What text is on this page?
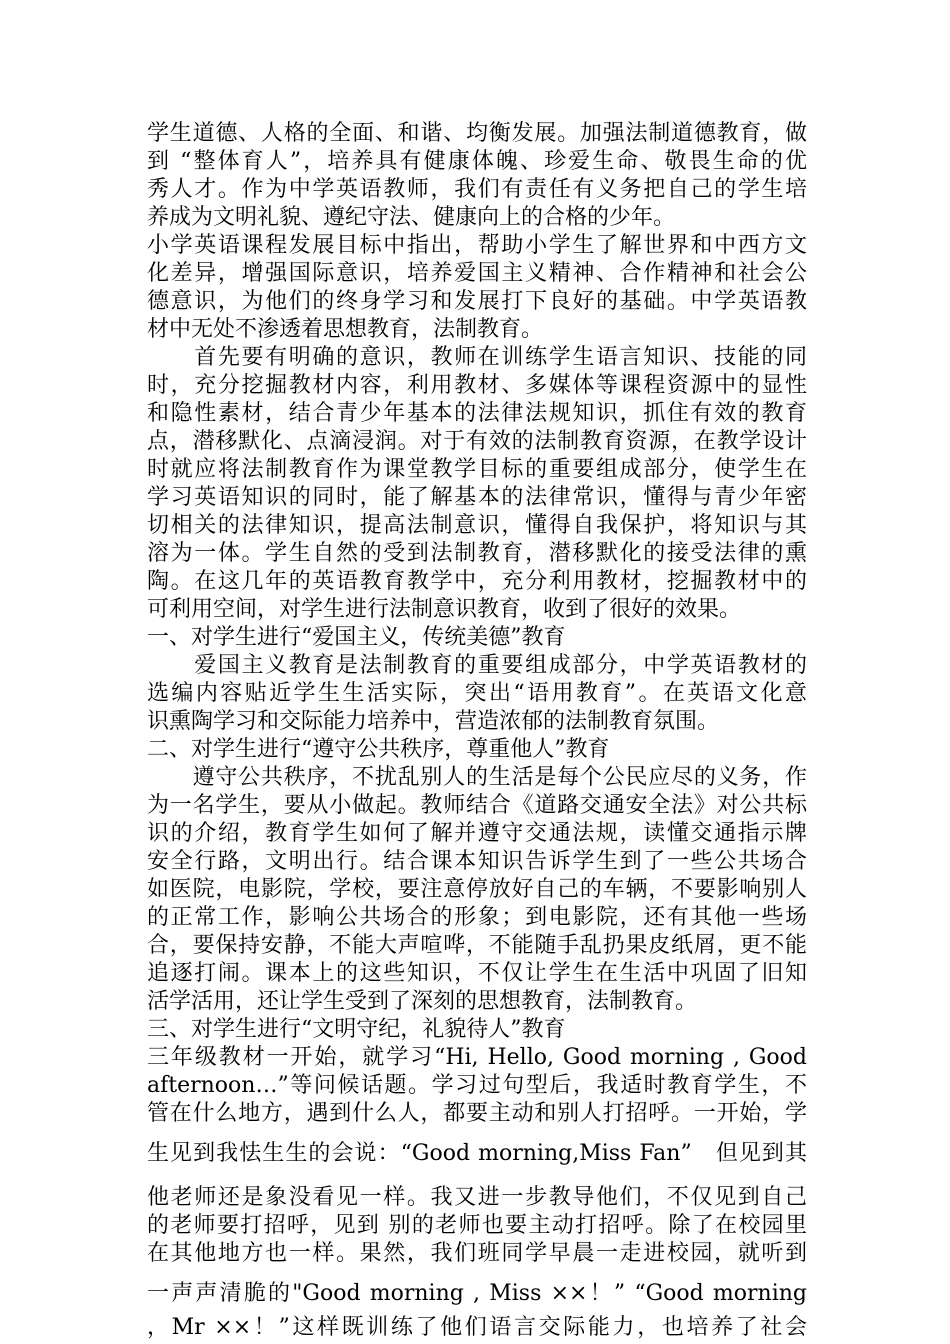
学生道德、人格的全面、和谐、均衡发展。加强法制道德教育，做
到 “整体育人”，培养具有健康体魄、珍爱生命、敬畏生命的优
秀人才。作为中学英语教师，我们有责任有义务把自己的学生培
养成为文明礼貌、遵纪守法、健康向上的合格的少年。
小学英语课程发展目标中指出，帮助小学生了解世界和中西方文
化差异，增强国际意识，培养爱国主义精神、合作精神和社会公
德意识，为他们的终身学习和发展打下良好的基础。中学英语教
材中无处不渗透着思想教育，法制教育。
　　首先要有明确的意识，教师在训练学生语言知识、技能的同
时，充分挖掘教材内容，利用教材、多媒体等课程资源中的显性
和隐性素材，结合青少年基本的法律法规知识，抓住有效的教育
点，潜移默化、点滴浸润。对于有效的法制教育资源，在教学设计
时就应将法制教育作为课堂教学目标的重要组成部分，使学生在
学习英语知识的同时，能了解基本的法律常识，懂得与青少年密
切相关的法律知识，提高法制意识，懂得自我保护，将知识与其
溶为一体。学生自然的受到法制教育，潜移默化的接受法律的熏
陶。在这几年的英语教育教学中，充分利用教材，挖掘教材中的
可利用空间，对学生进行法制意识教育，收到了很好的效果。
一、对学生进行“爱国主义，传统美德”教育
　　爱国主义教育是法制教育的重要组成部分，中学英语教材的
选编内容贴近学生生活实际，突出“语用教育”。在英语文化意
识熏陶学习和交际能力培养中，营造浓郁的法制教育氛围。
二、对学生进行“遵守公共秩序，尊重他人”教育
　　遵守公共秩序，不扰乱别人的生活是每个公民应尽的义务，作
为一名学生，要从小做起。教师结合《道路交通安全法》对公共标
识的介绍，教育学生如何了解并遵守交通法规，读懂交通指示牌
安全行路，文明出行。结合课本知识告诉学生到了一些公共场合
如医院，电影院，学校，要注意停放好自己的车辆，不要影响别人
的正常工作，影响公共场合的形象；到电影院，还有其他一些场
合，要保持安静，不能大声喧哗，不能随手乱扔果皮纸屑，更不能
追逐打闹。课本上的这些知识，不仅让学生在生活中巩固了旧知
活学活用，还让学生受到了深刻的思想教育，法制教育。
三、对学生进行“文明守纪，礼貌待人”教育
三年级教材一开始，就学习“Hi, Hello, Good morning , Good
afternoon…”等问候话题。学习过句型后，我适时教育学生，不
管在什么地方，遇到什么人，都要主动和别人打招呼。一开始，学
生见到我怯生生的会说：“Good morning,Miss Fan”　但见到其
他老师还是象没看见一样。我又进一步教导他们，不仅见到自己
的老师要打招呼，见到 别的老师也要主动打招呼。除了在校园里
在其他地方也一样。果然，我们班同学早晨一走进校园，就听到
一声声清脆的"Good morning , Miss ××！” “Good morning
，Mr ××！”这样既训练了他们语言交际能力，也培养了社会
